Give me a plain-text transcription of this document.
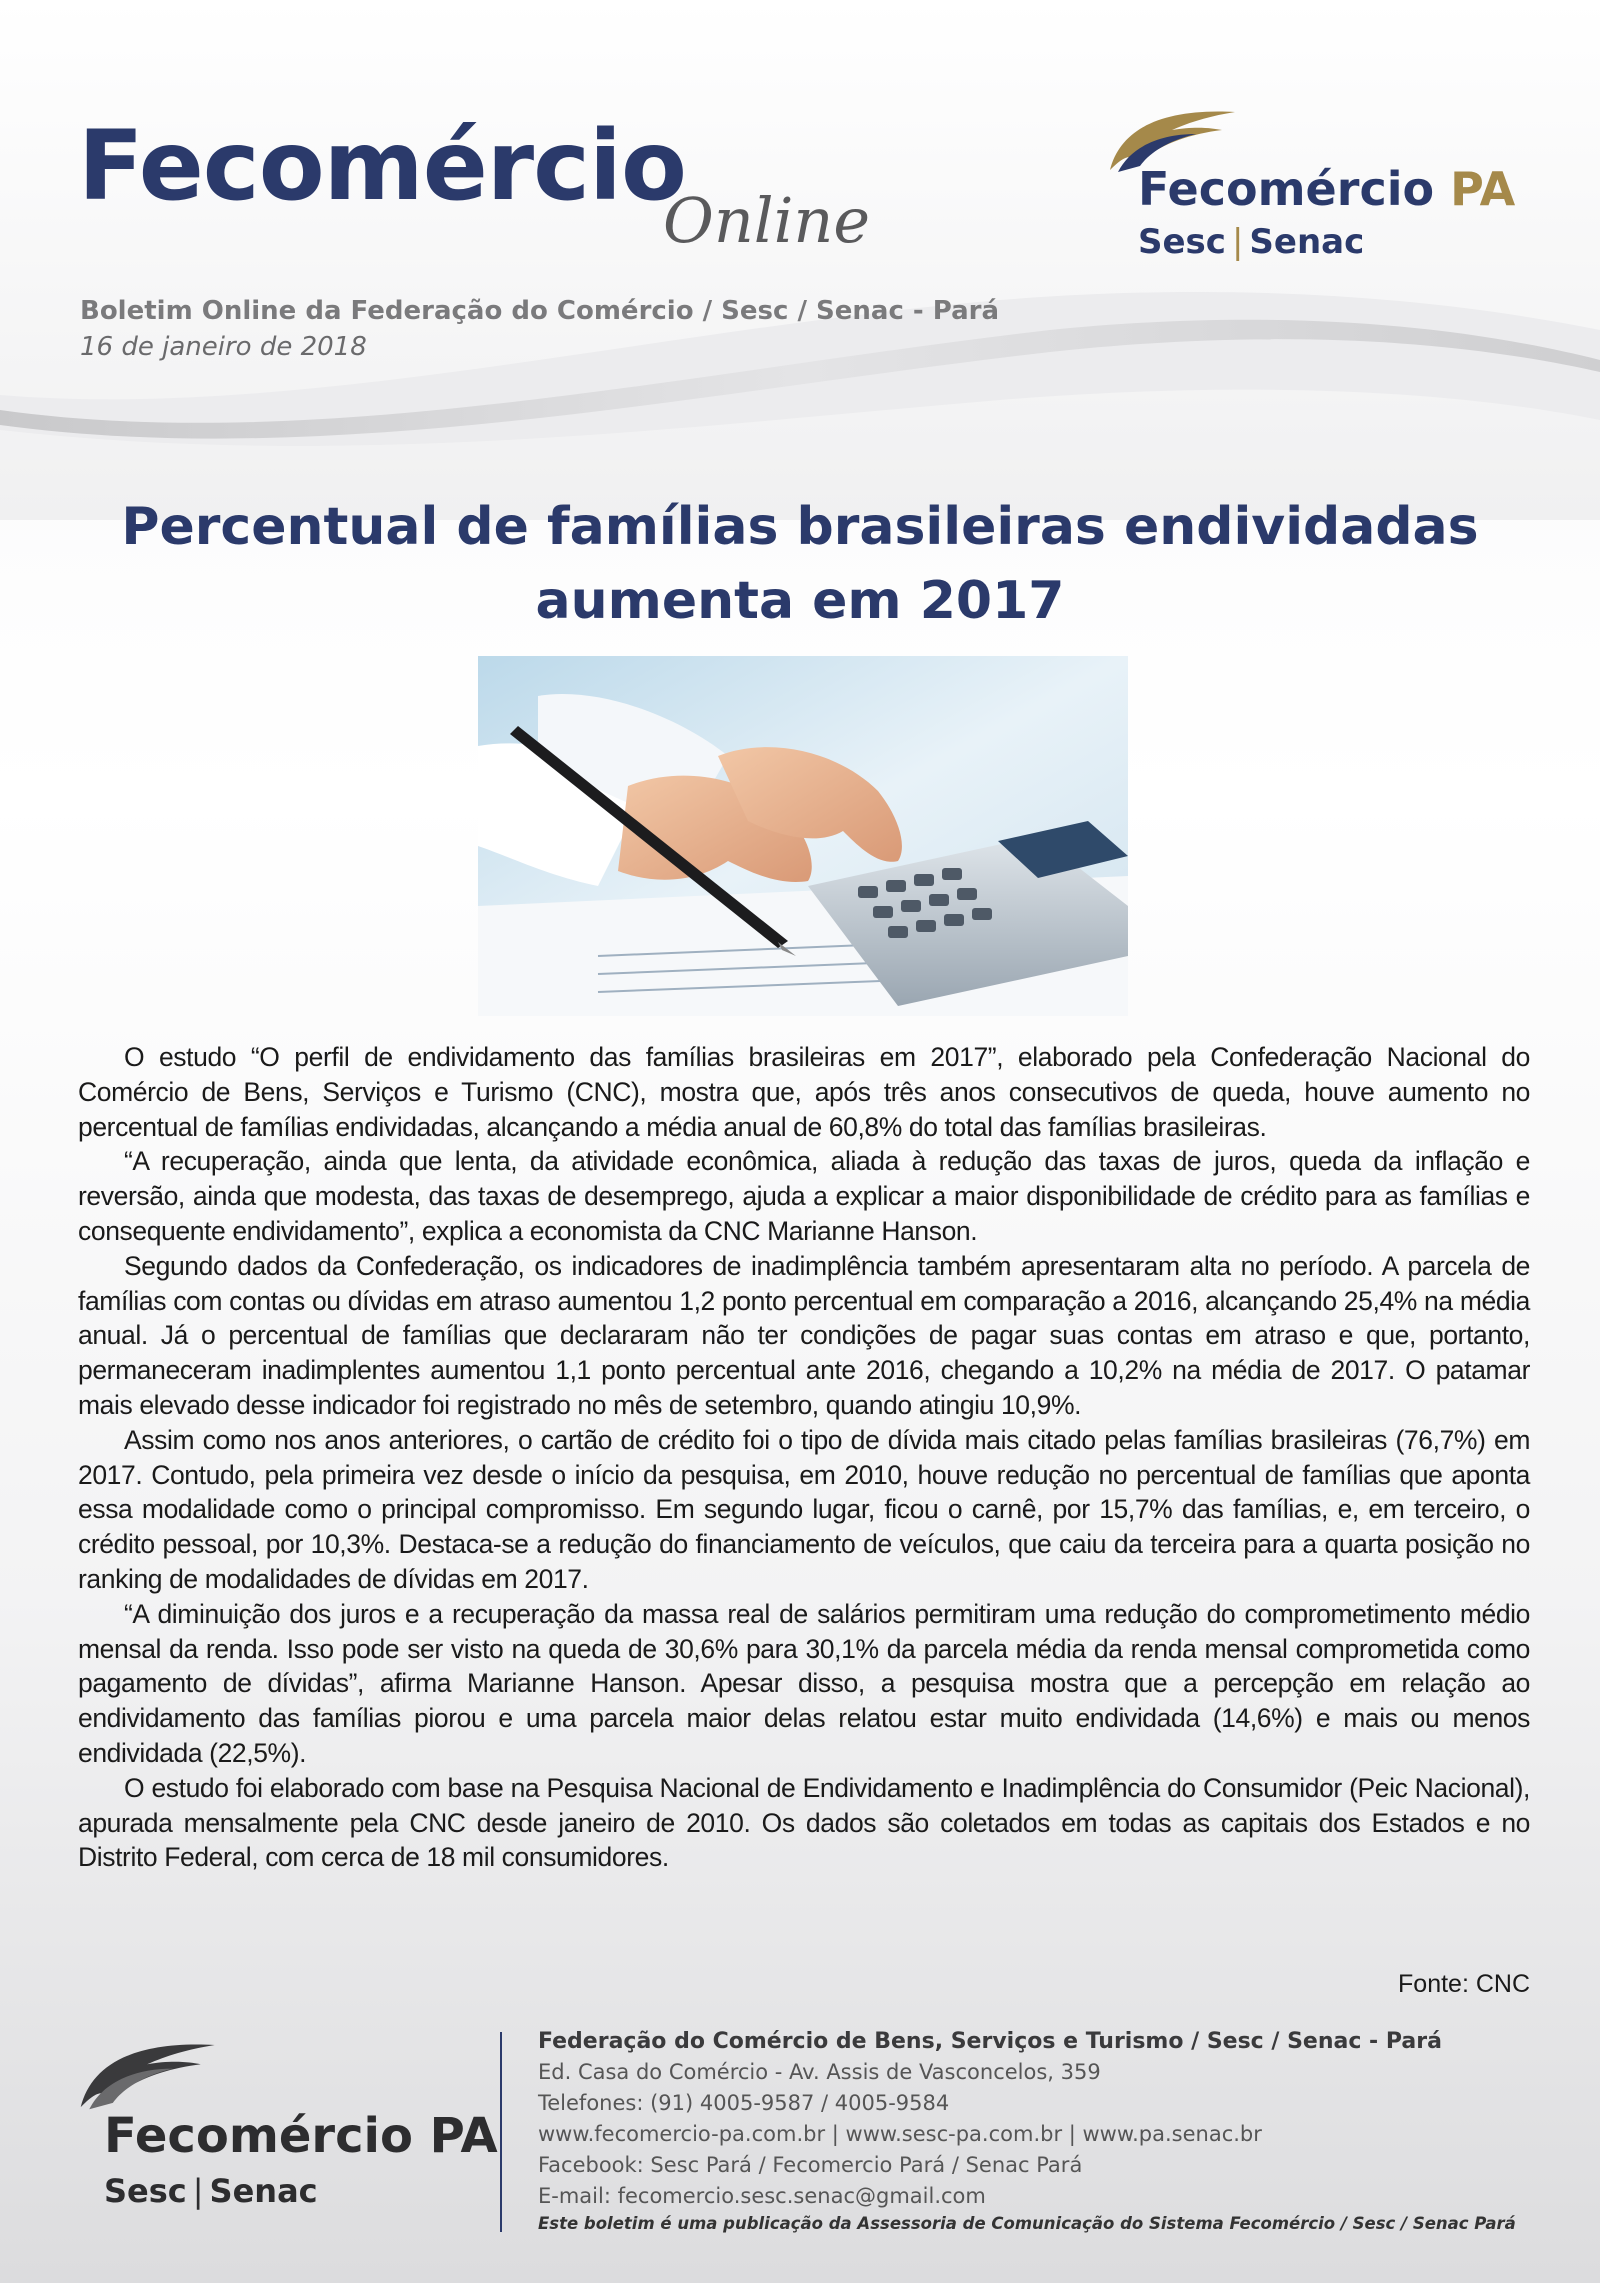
Fecomércio
Online
Boletim Online da Federação do Comércio / Sesc / Senac - Pará
16 de janeiro de 2018
Fecomércio PA
Sesc | Senac
Percentual de famílias brasileiras endividadas
aumenta em 2017

O estudo “O perfil de endividamento das famílias brasileiras em 2017”, elaborado pela Confederação Nacional do Comércio de Bens, Serviços e Turismo (CNC), mostra que, após três anos consecutivos de queda, houve aumento no percentual de famílias endividadas, alcançando a média anual de 60,8% do total das famílias brasileiras.

“A recuperação, ainda que lenta, da atividade econômica, aliada à redução das taxas de juros, queda da inflação e reversão, ainda que modesta, das taxas de desemprego, ajuda a explicar a maior disponibilidade de crédito para as famílias e consequente endividamento”, explica a economista da CNC Marianne Hanson.

Segundo dados da Confederação, os indicadores de inadimplência também apresentaram alta no período. A parcela de famílias com contas ou dívidas em atraso aumentou 1,2 ponto percentual em comparação a 2016, alcançando 25,4% na média anual. Já o percentual de famílias que declararam não ter condições de pagar suas contas em atraso e que, portanto, permaneceram inadimplentes aumentou 1,1 ponto percentual ante 2016, chegando a 10,2% na média de 2017. O patamar mais elevado desse indicador foi registrado no mês de setembro, quando atingiu 10,9%.

Assim como nos anos anteriores, o cartão de crédito foi o tipo de dívida mais citado pelas famílias brasileiras (76,7%) em 2017. Contudo, pela primeira vez desde o início da pesquisa, em 2010, houve redução no percentual de famílias que aponta essa modalidade como o principal compromisso. Em segundo lugar, ficou o carnê, por 15,7% das famílias, e, em terceiro, o crédito pessoal, por 10,3%. Destaca-se a redução do financiamento de veículos, que caiu da terceira para a quarta posição no ranking de modalidades de dívidas em 2017.

“A diminuição dos juros e a recuperação da massa real de salários permitiram uma redução do comprometimento médio mensal da renda. Isso pode ser visto na queda de 30,6% para 30,1% da parcela média da renda mensal comprometida como pagamento de dívidas”, afirma Marianne Hanson. Apesar disso, a pesquisa mostra que a percepção em relação ao endividamento das famílias piorou e uma parcela maior delas relatou estar muito endividada (14,6%) e mais ou menos endividada (22,5%).

O estudo foi elaborado com base na Pesquisa Nacional de Endividamento e Inadimplência do Consumidor (Peic Nacional), apurada mensalmente pela CNC desde janeiro de 2010. Os dados são coletados em todas as capitais dos Estados e no Distrito Federal, com cerca de 18 mil consumidores.

Fonte: CNC
Fecomércio PA
Sesc | Senac
Federação do Comércio de Bens, Serviços e Turismo / Sesc / Senac - Pará
Ed. Casa do Comércio - Av. Assis de Vasconcelos, 359
Telefones: (91) 4005-9587 / 4005-9584
www.fecomercio-pa.com.br | www.sesc-pa.com.br | www.pa.senac.br
Facebook: Sesc Pará / Fecomercio Pará / Senac Pará
E-mail: fecomercio.sesc.senac@gmail.com
Este boletim é uma publicação da Assessoria de Comunicação do Sistema Fecomércio / Sesc / Senac Pará
